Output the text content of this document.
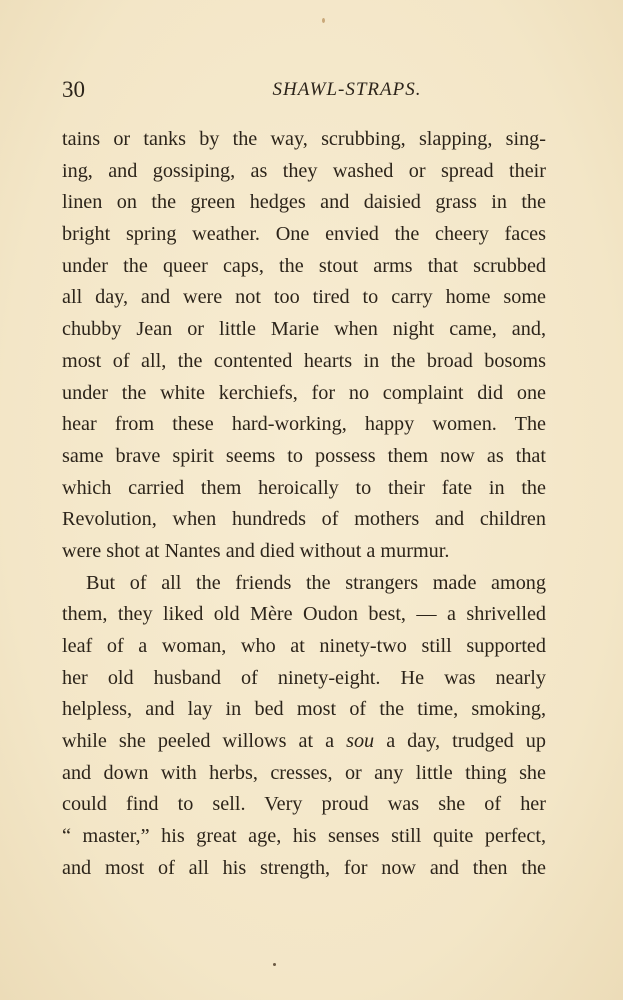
30	SHAWL-STRAPS.
tains or tanks by the way, scrubbing, slapping, sing-
ing, and gossiping, as they washed or spread their
linen on the green hedges and daisied grass in the
bright spring weather. One envied the cheery faces
under the queer caps, the stout arms that scrubbed
all day, and were not too tired to carry home some
chubby Jean or little Marie when night came, and,
most of all, the contented hearts in the broad bosoms
under the white kerchiefs, for no complaint did one
hear from these hard-working, happy women. The
same brave spirit seems to possess them now as that
which carried them heroically to their fate in the
Revolution, when hundreds of mothers and children
were shot at Nantes and died without a murmur.
But of all the friends the strangers made among
them, they liked old Mère Oudon best, — a shrivelled
leaf of a woman, who at ninety-two still supported
her old husband of ninety-eight. He was nearly
helpless, and lay in bed most of the time, smoking,
while she peeled willows at a sou a day, trudged up
and down with herbs, cresses, or any little thing she
could find to sell. Very proud was she of her
“ master,” his great age, his senses still quite perfect,
and most of all his strength, for now and then the
